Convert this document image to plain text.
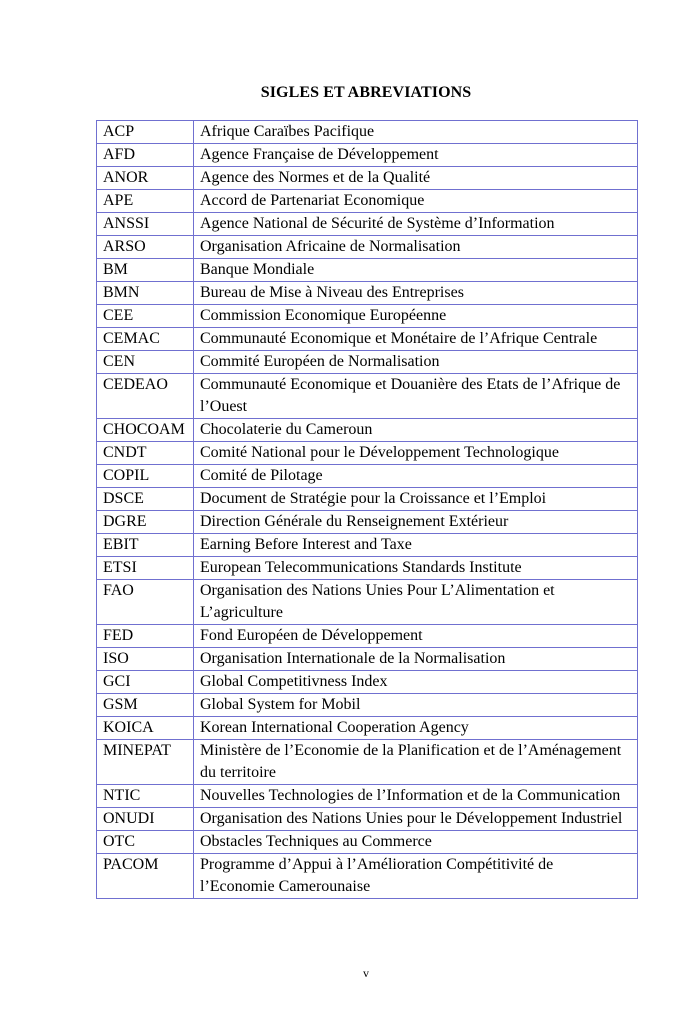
SIGLES ET ABREVIATIONS
ACP	Afrique Caraïbes Pacifique
AFD	Agence Française de Développement
ANOR	Agence des Normes et de la Qualité
APE	Accord de Partenariat Economique
ANSSI	Agence National de Sécurité de Système d’Information
ARSO	Organisation Africaine de Normalisation
BM	Banque Mondiale
BMN	Bureau de Mise à Niveau des Entreprises
CEE	Commission Economique Européenne
CEMAC	Communauté Economique et Monétaire de l’Afrique Centrale
CEN	Commité Européen de Normalisation
CEDEAO	Communauté Economique et Douanière des Etats de l’Afrique de l’Ouest
CHOCOAM	Chocolaterie du Cameroun
CNDT	Comité National pour le Développement Technologique
COPIL	Comité de Pilotage
DSCE	Document de Stratégie pour la Croissance et l’Emploi
DGRE	Direction Générale du Renseignement Extérieur
EBIT	Earning Before Interest and Taxe
ETSI	European Telecommunications Standards Institute
FAO	Organisation des Nations Unies Pour L’Alimentation et L’agriculture
FED	Fond Européen de Développement
ISO	Organisation Internationale de la Normalisation
GCI	Global Competitivness Index
GSM	Global System for Mobil
KOICA	Korean International Cooperation Agency
MINEPAT	Ministère de l’Economie de la Planification et de l’Aménagement du territoire
NTIC	Nouvelles Technologies de l’Information et de la Communication
ONUDI	Organisation des Nations Unies pour le Développement Industriel
OTC	Obstacles Techniques au Commerce
PACOM	Programme d’Appui à l’Amélioration Compétitivité de l’Economie Camerounaise
v
